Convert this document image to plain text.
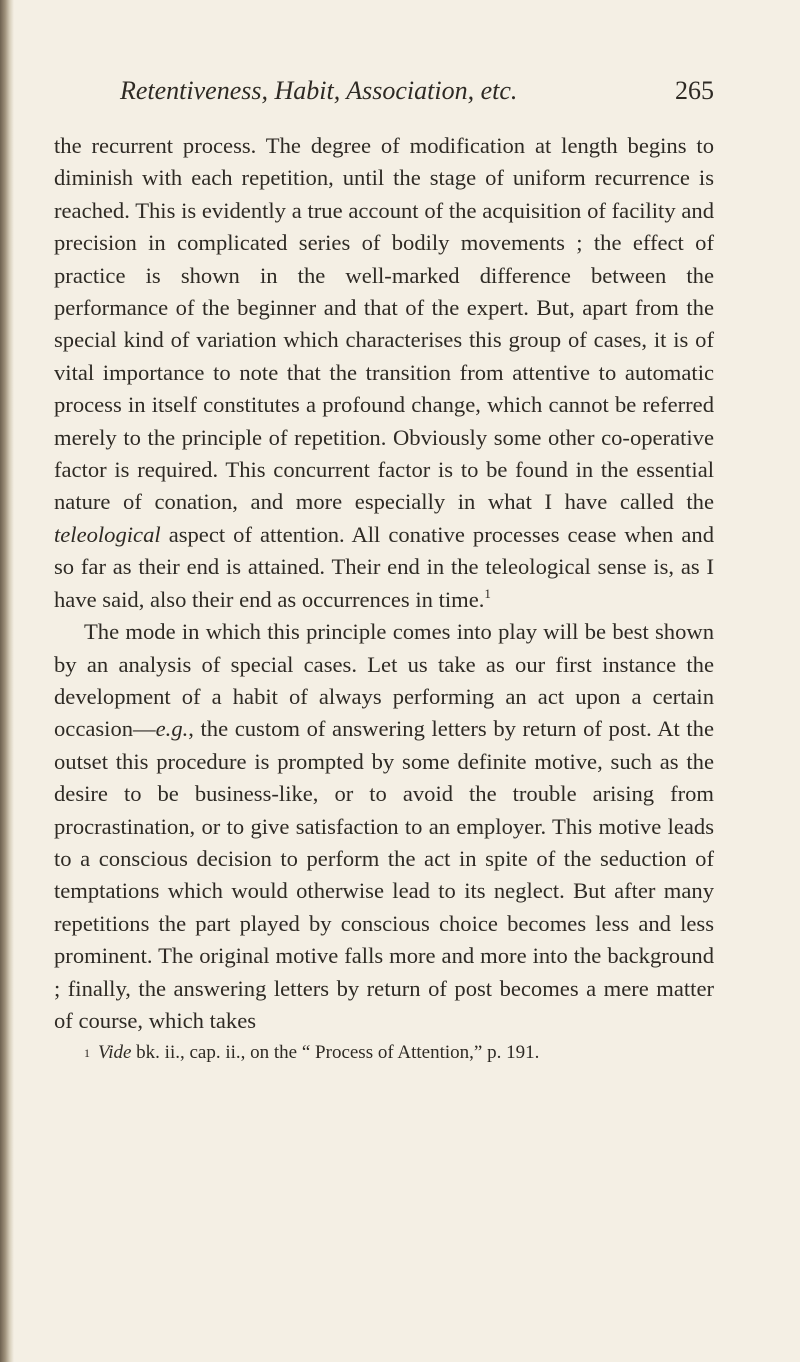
Retentiveness, Habit, Association, etc.	265

the recurrent process. The degree of modification at length begins to diminish with each repetition, until the stage of uniform recurrence is reached. This is evidently a true account of the acquisition of facility and precision in complicated series of bodily movements ; the effect of practice is shown in the well-marked difference between the performance of the beginner and that of the expert. But, apart from the special kind of variation which characterises this group of cases, it is of vital importance to note that the transition from attentive to automatic process in itself constitutes a profound change, which cannot be referred merely to the principle of repetition. Obviously some other co-operative factor is required. This concurrent factor is to be found in the essential nature of conation, and more especially in what I have called the teleological aspect of attention. All conative processes cease when and so far as their end is attained. Their end in the teleological sense is, as I have said, also their end as occurrences in time.$^1$

The mode in which this principle comes into play will be best shown by an analysis of special cases. Let us take as our first instance the development of a habit of always performing an act upon a certain occasion—e.g., the custom of answering letters by return of post. At the outset this procedure is prompted by some definite motive, such as the desire to be business-like, or to avoid the trouble arising from procrastination, or to give satisfaction to an employer. This motive leads to a conscious decision to perform the act in spite of the seduction of temptations which would otherwise lead to its neglect. But after many repetitions the part played by conscious choice becomes less and less prominent. The original motive falls more and more into the background ; finally, the answering letters by return of post becomes a mere matter of course, which takes

$^1$ Vide bk. ii., cap. ii., on the “ Process of Attention,” p. 191.
